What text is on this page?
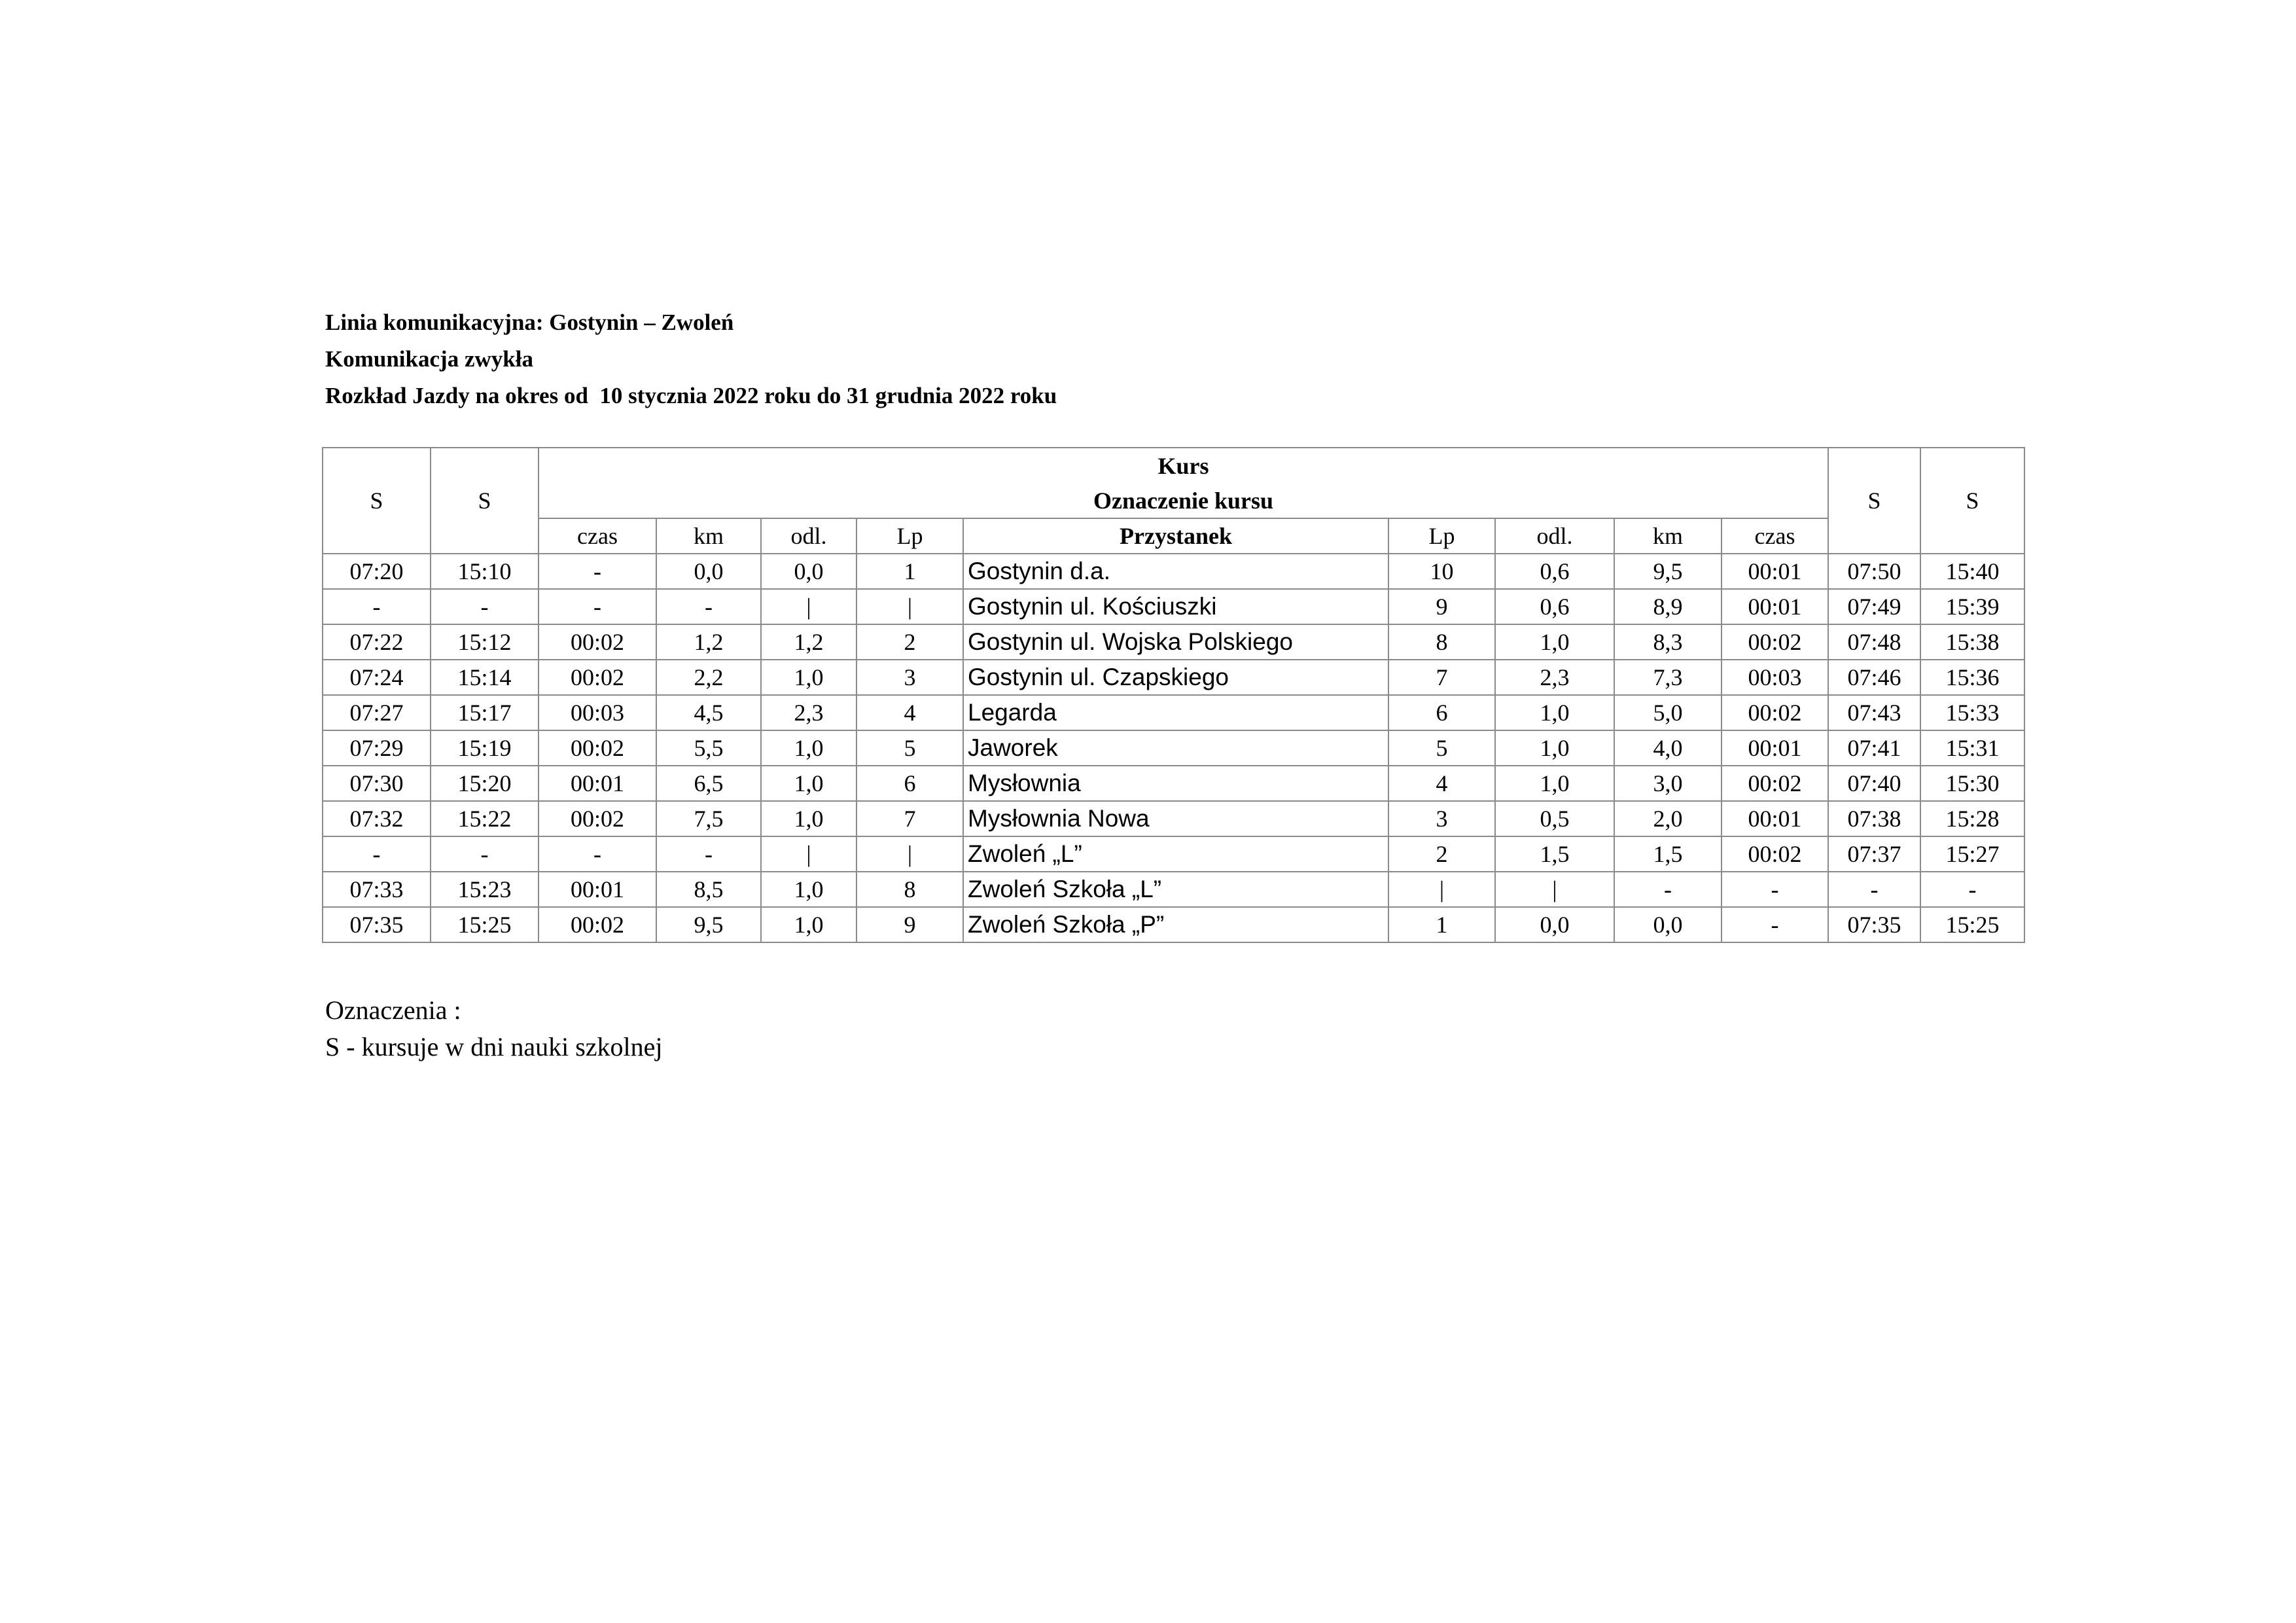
Linia komunikacyjna: Gostynin – Zwoleń
Komunikacja zwykła
Rozkład Jazdy na okres od  10 stycznia 2022 roku do 31 grudnia 2022 roku
S	S	Kurs									S	S
		Oznaczenie kursu										
		czas	km	odl.	Lp	Przystanek	Lp	odl.	km	czas		
07:20	15:10	-	0,0	0,0	1	Gostynin d.a.	10	0,6	9,5	00:01	07:50	15:40
-	-	-	-	|	|	Gostynin ul. Kościuszki	9	0,6	8,9	00:01	07:49	15:39
07:22	15:12	00:02	1,2	1,2	2	Gostynin ul. Wojska Polskiego	8	1,0	8,3	00:02	07:48	15:38
07:24	15:14	00:02	2,2	1,0	3	Gostynin ul. Czapskiego	7	2,3	7,3	00:03	07:46	15:36
07:27	15:17	00:03	4,5	2,3	4	Legarda	6	1,0	5,0	00:02	07:43	15:33
07:29	15:19	00:02	5,5	1,0	5	Jaworek	5	1,0	4,0	00:01	07:41	15:31
07:30	15:20	00:01	6,5	1,0	6	Mysłownia	4	1,0	3,0	00:02	07:40	15:30
07:32	15:22	00:02	7,5	1,0	7	Mysłownia Nowa	3	0,5	2,0	00:01	07:38	15:28
-	-	-	-	|	|	Zwoleń „L”	2	1,5	1,5	00:02	07:37	15:27
07:33	15:23	00:01	8,5	1,0	8	Zwoleń Szkoła „L”	|	|	-	-	-	-
07:35	15:25	00:02	9,5	1,0	9	Zwoleń Szkoła „P”	1	0,0	0,0	-	07:35	15:25
Oznaczenia :
S - kursuje w dni nauki szkolnej
